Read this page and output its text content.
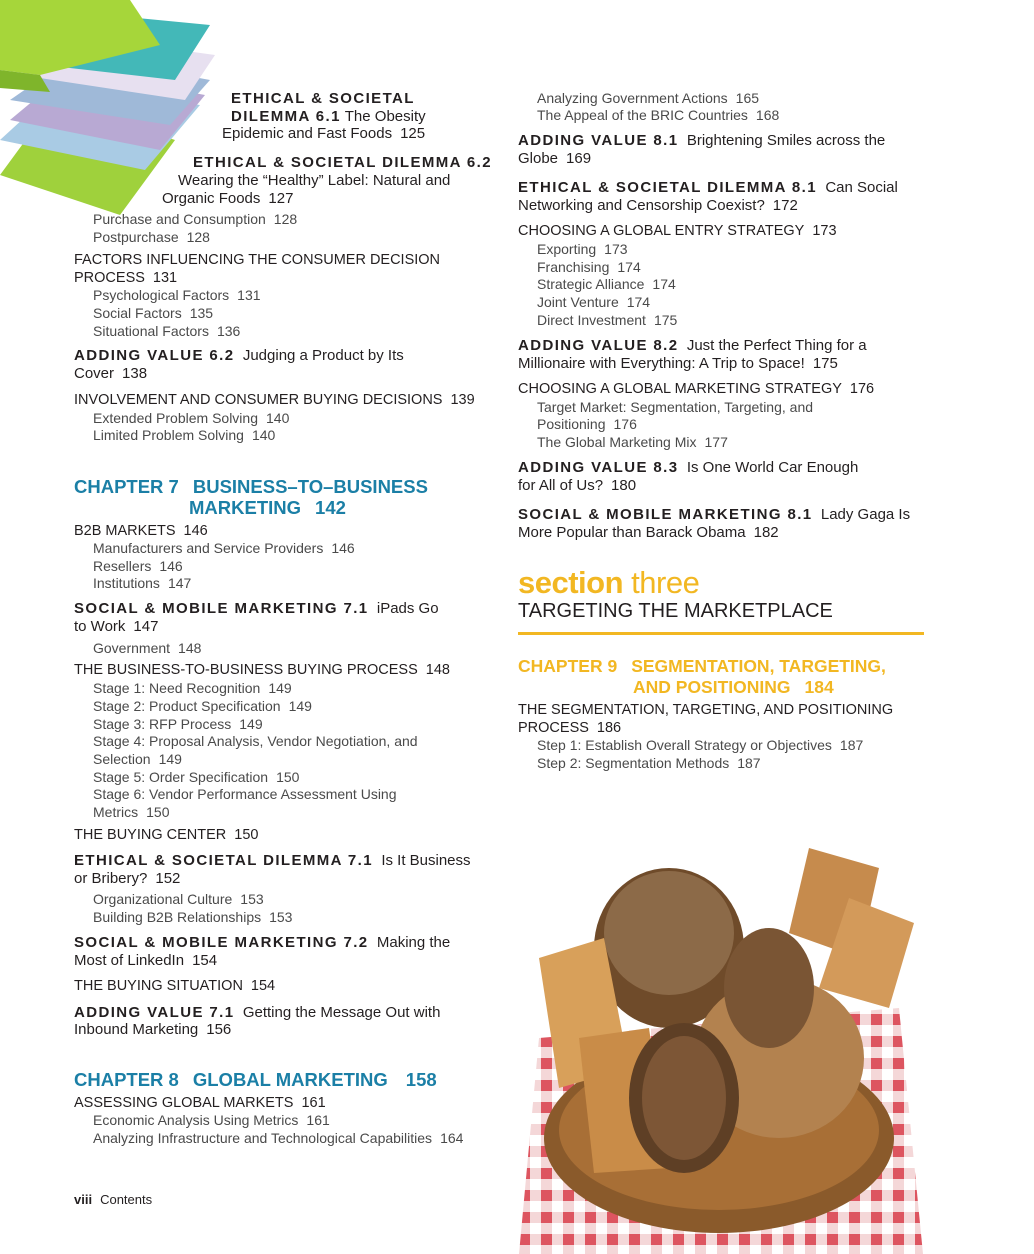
ETHICAL & SOCIETAL
DILEMMA 6.1 The Obesity
Epidemic and Fast Foods 125
ETHICAL & SOCIETAL DILEMMA 6.2
Wearing the “Healthy” Label: Natural and
Organic Foods 127
Purchase and Consumption 128
Postpurchase 128
FACTORS INFLUENCING THE CONSUMER DECISION
PROCESS 131
Psychological Factors 131
Social Factors 135
Situational Factors 136
ADDING VALUE 6.2 Judging a Product by Its
Cover 138
INVOLVEMENT AND CONSUMER BUYING DECISIONS 139
Extended Problem Solving 140
Limited Problem Solving 140
CHAPTER 7 BUSINESS–TO–BUSINESS
MARKETING 142
B2B MARKETS 146
Manufacturers and Service Providers 146
Resellers 146
Institutions 147
SOCIAL & MOBILE MARKETING 7.1 iPads Go
to Work 147
Government 148
THE BUSINESS-TO-BUSINESS BUYING PROCESS 148
Stage 1: Need Recognition 149
Stage 2: Product Specification 149
Stage 3: RFP Process 149
Stage 4: Proposal Analysis, Vendor Negotiation, and
Selection 149
Stage 5: Order Specification 150
Stage 6: Vendor Performance Assessment Using
Metrics 150
THE BUYING CENTER 150
ETHICAL & SOCIETAL DILEMMA 7.1 Is It Business
or Bribery? 152
Organizational Culture 153
Building B2B Relationships 153
SOCIAL & MOBILE MARKETING 7.2 Making the
Most of LinkedIn 154
THE BUYING SITUATION 154
ADDING VALUE 7.1 Getting the Message Out with
Inbound Marketing 156
CHAPTER 8 GLOBAL MARKETING 158
ASSESSING GLOBAL MARKETS 161
Economic Analysis Using Metrics 161
Analyzing Infrastructure and Technological Capabilities 164
Analyzing Government Actions 165
The Appeal of the BRIC Countries 168
ADDING VALUE 8.1 Brightening Smiles across the
Globe 169
ETHICAL & SOCIETAL DILEMMA 8.1 Can Social
Networking and Censorship Coexist? 172
CHOOSING A GLOBAL ENTRY STRATEGY 173
Exporting 173
Franchising 174
Strategic Alliance 174
Joint Venture 174
Direct Investment 175
ADDING VALUE 8.2 Just the Perfect Thing for a
Millionaire with Everything: A Trip to Space! 175
CHOOSING A GLOBAL MARKETING STRATEGY 176
Target Market: Segmentation, Targeting, and
Positioning 176
The Global Marketing Mix 177
ADDING VALUE 8.3 Is One World Car Enough
for All of Us? 180
SOCIAL & MOBILE MARKETING 8.1 Lady Gaga Is
More Popular than Barack Obama 182
section three
TARGETING THE MARKETPLACE
CHAPTER 9 SEGMENTATION, TARGETING,
AND POSITIONING 184
THE SEGMENTATION, TARGETING, AND POSITIONING
PROCESS 186
Step 1: Establish Overall Strategy or Objectives 187
Step 2: Segmentation Methods 187
viii Contents
